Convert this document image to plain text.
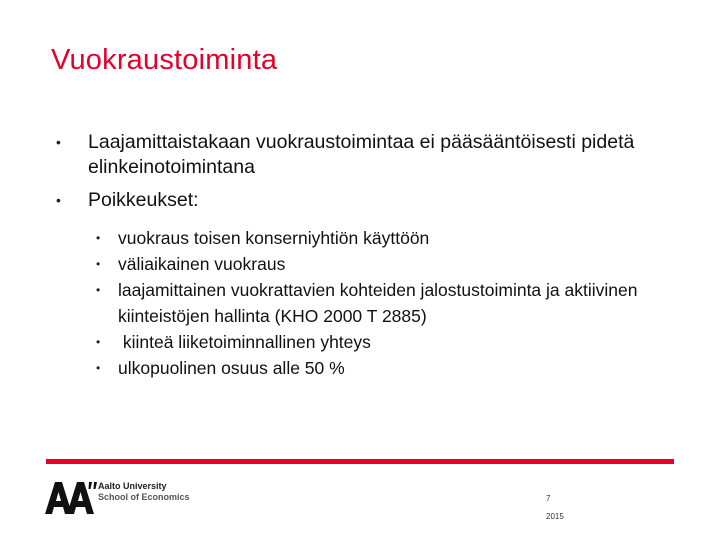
Vuokraustoiminta
• Laajamittaistakaan vuokraustoimintaa ei pääsääntöisesti pidetä elinkeinotoimintana
• Poikkeukset:
• vuokraus toisen konserniyhtiön käyttöön
• väliaikainen vuokraus
• laajamittainen vuokrattavien kohteiden jalostustoiminta ja aktiivinen kiinteistöjen hallinta (KHO 2000 T 2885)
• kiinteä liiketoiminnallinen yhteys
• ulkopuolinen osuus alle 50 %
Aalto University
School of Economics	7
2015
